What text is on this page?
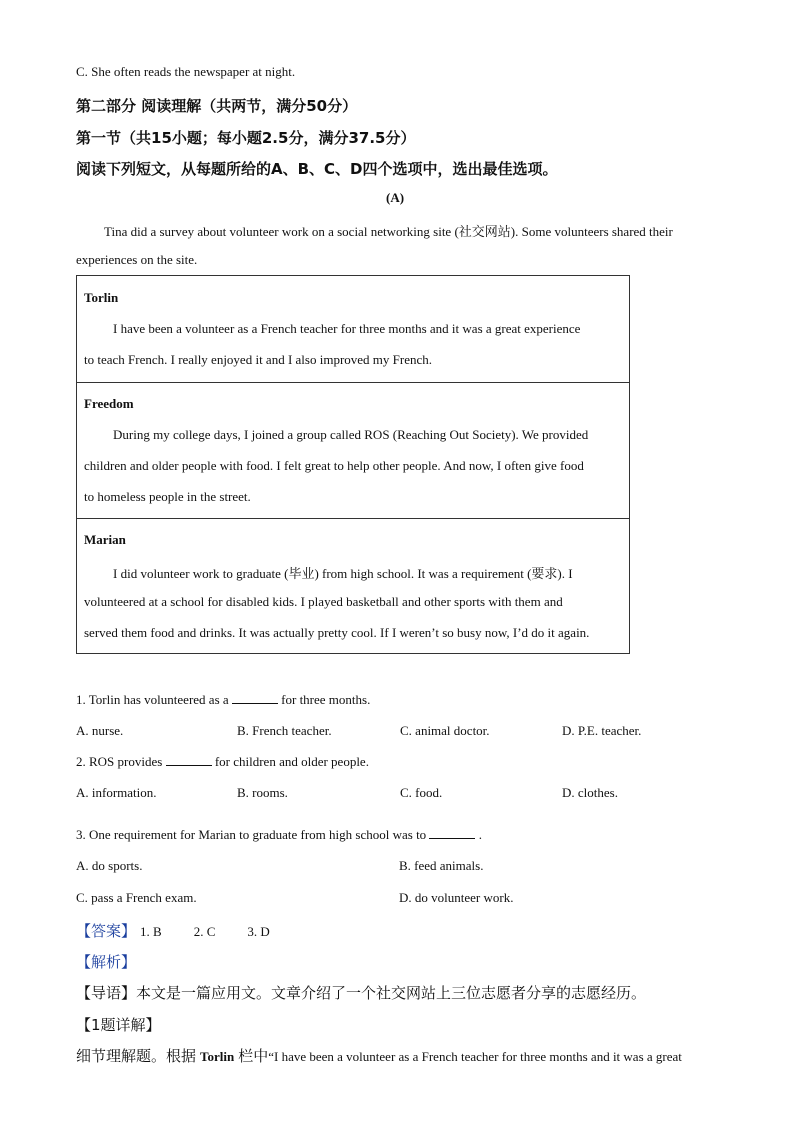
C. She often reads the newspaper at night.
第二部分 阅读理解（共两节，满分50分）
第一节（共15小题；每小题2.5分，满分37.5分）
阅读下列短文，从每题所给的A、B、C、D四个选项中，选出最佳选项。
(A)
Tina did a survey about volunteer work on a social networking site (社交网站). Some volunteers shared their
experiences on the site.
Torlin
I have been a volunteer as a French teacher for three months and it was a great experience
to teach French. I really enjoyed it and I also improved my French.
Freedom
During my college days, I joined a group called ROS (Reaching Out Society). We provided
children and older people with food. I felt great to help other people. And now, I often give food
to homeless people in the street.
Marian
I did volunteer work to graduate (毕业) from high school. It was a requirement (要求). I
volunteered at a school for disabled kids. I played basketball and other sports with them and
served them food and drinks. It was actually pretty cool. If I weren’t so busy now, I’d do it again.
1. Torlin has volunteered as a	for three months.
A. nurse.	B. French teacher.	C. animal doctor.	D. P.E. teacher.
2. ROS provides	for children and older people.
A. information.	B. rooms.	C. food.	D. clothes.
3. One requirement for Marian to graduate from high school was to	.
A. do sports.	B. feed animals.
C. pass a French exam.	D. do volunteer work.
【答案】 1. B 2. C 3. D
【解析】
【导语】本文是一篇应用文。文章介绍了一个社交网站上三位志愿者分享的志愿经历。
【1题详解】
细节理解题。根据 Torlin 栏中“I have been a volunteer as a French teacher for three months and it was a great
